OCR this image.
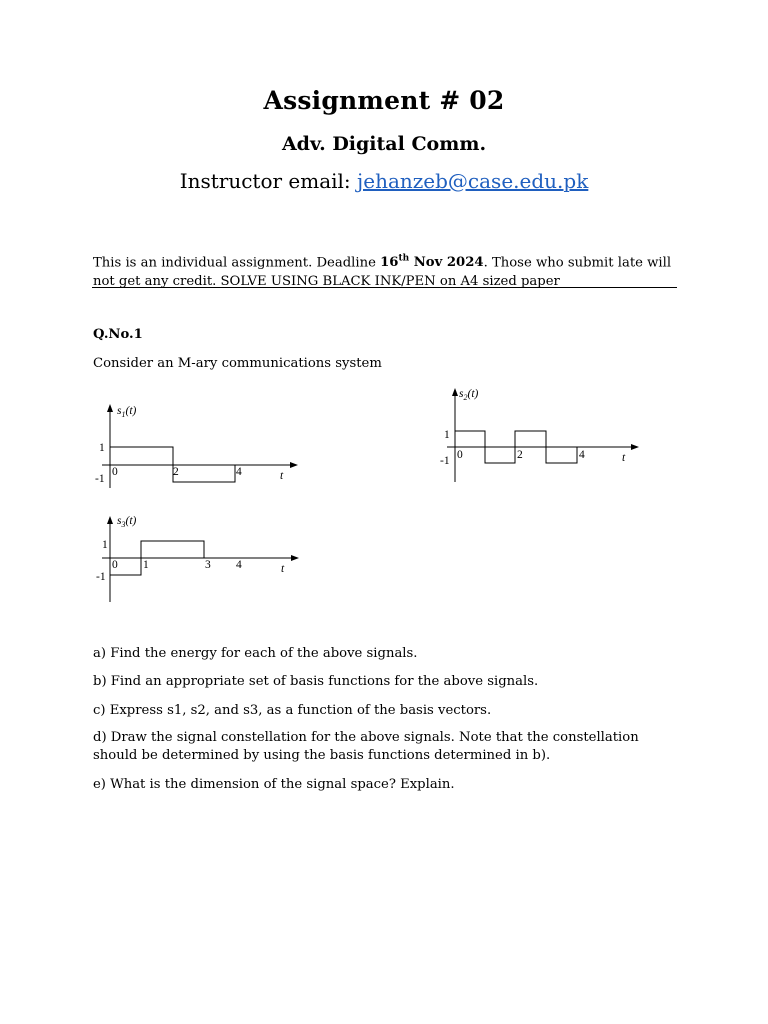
Assignment # 02
Adv. Digital Comm.
Instructor email: jehanzeb@case.edu.pk
This is an individual assignment. Deadline 16th Nov 2024. Those who submit late will not get any credit. SOLVE USING BLACK INK/PEN on A4 sized paper
Q.No.1
Consider an M-ary communications system
$s_1(t)$
1
-1
0	2	4	t
$s_2(t)$
1
-1 0	2	4	t
$s_3(t)$
1
-1
0 1	3 4	t
a) Find the energy for each of the above signals.
b) Find an appropriate set of basis functions for the above signals.
c) Express s1, s2, and s3, as a function of the basis vectors.
d) Draw the signal constellation for the above signals. Note that the constellation should be determined by using the basis functions determined in b).
e) What is the dimension of the signal space? Explain.
